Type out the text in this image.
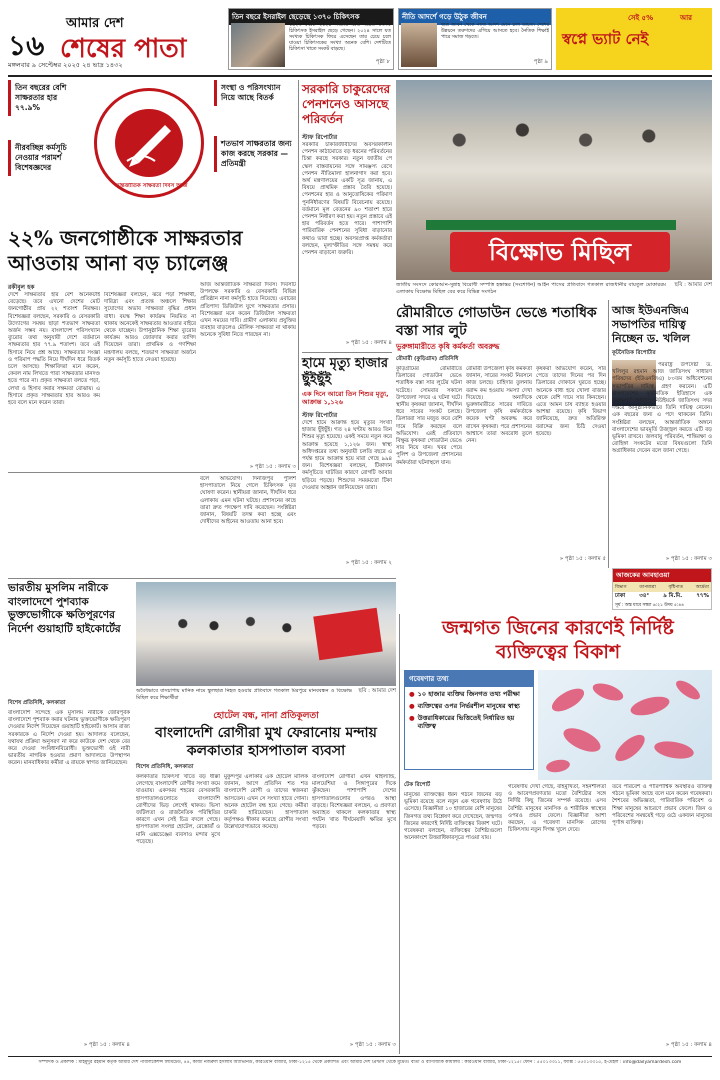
১৬
আমার দেশ
শেষের পাতা
মঙ্গলবার ৯ সেপ্টেম্বর ২০২৫ ২৪ ভাদ্র ১৪৩২
তিন বছরে ইসরাইল ছেড়েছে ১৩৭০ চিকিৎসক
১৪২৩ থেকে ২০২৫ সালের মধ্যে অন্তত ১৩৭০ চিকিৎসক ইসরাইল ছেড়ে গেছেন। ২০২৪ সালে যত সংখ্যক চিকিৎসক ফিরে এসেছেন তার চেয়ে চলে যাওয়া চিকিৎসকের সংখ্যা অনেক বেশি। দেশটিতে চিকিৎসা খাতে সংকট বাড়ছে।
পৃষ্ঠা ৮
নীতি আদর্শে গড়ে উঠুক জীবন
ছাত্র জীবন থেকে নীতি আদর্শ মেনে চলা উচিত। দেশের উন্নয়নে তরুণদের এগিয়ে আসতে হবে। নৈতিক শিক্ষাই পারে সমাজ গড়তে।
পৃষ্ঠা ৯
সেই ৫%	আর
স্বপ্নে ভ্যাট নেই
তিন বছরের বেশি সাক্ষরতার হার ৭৭.৯%
নীরবচ্ছিন্ন কর্মসূচি নেওয়ার পরামর্শ বিশেষজ্ঞদের
আন্তর্জাতিক সাক্ষরতা দিবস আজ
সংস্থা ও পরিসংখ্যান নিয়ে আছে বিতর্ক
শতভাগ সাক্ষরতার জন্য কাজ করছে সরকার —প্রতিমন্ত্রী
২২% জনগোষ্ঠীকে সাক্ষরতার আওতায় আনা বড় চ্যালেঞ্জ
রকীবুল হক
দেশে সাক্ষরতার হার বেশ অনেকটাই বেড়েছে। তবে এখনো দেশের মোট জনগোষ্ঠীর প্রায় ২২ শতাংশ নিরক্ষর। বিশেষজ্ঞরা বলছেন, সরকারি ও বেসরকারি উদ্যোগের সমন্বয় ছাড়া শতভাগ সাক্ষরতা অর্জন সম্ভব নয়। বাংলাদেশ পরিসংখ্যান ব্যুরোর তথ্য অনুযায়ী দেশে বর্তমানে সাক্ষরতার হার ৭৭.৯ শতাংশ। তবে এই হিসাবে নিয়ে প্রশ্ন আছে। সাক্ষরতার সংজ্ঞা ও পরিমাপ পদ্ধতি নিয়ে দীর্ঘদিন ধরে বিতর্ক চলে আসছে। শিক্ষাবিদরা মনে করেন, কেবল নাম লিখতে পারা সাক্ষরতার মানদণ্ড হতে পারে না। প্রকৃত সাক্ষরতা বলতে পড়া, লেখা ও হিসাব করার সক্ষমতা বোঝায়। এ হিসাবে প্রকৃত সাক্ষরতার হার আরও কম হবে বলে মনে করেন তারা।
বিশেষজ্ঞরা বলছেন, ঝরে পড়া শিক্ষার্থী, দারিদ্র্য এবং প্রত্যন্ত অঞ্চলে শিক্ষার সুযোগের অভাব সাক্ষরতা বৃদ্ধির প্রধান বাধা। বয়স্ক শিক্ষা কার্যক্রম নিয়মিত না থাকায় অনেকেই সাক্ষরতার আওতার বাইরে থেকে যাচ্ছেন। উপানুষ্ঠানিক শিক্ষা ব্যুরোর কার্যক্রম আরও জোরদার করার তাগিদ দিয়েছেন তারা। প্রাথমিক ও গণশিক্ষা মন্ত্রণালয় বলছে, শতভাগ সাক্ষরতা অর্জনে নতুন কর্মসূচি হাতে নেওয়া হয়েছে।
আজ আন্তর্জাতিক সাক্ষরতা দিবস। দিবসটি উপলক্ষে সরকারি ও বেসরকারি বিভিন্ন প্রতিষ্ঠান নানা কর্মসূচি হাতে নিয়েছে। এবারের প্রতিপাদ্য ডিজিটাল যুগে সাক্ষরতার প্রসার। বিশেষজ্ঞরা মনে করেন ডিজিটাল সাক্ষরতা এখন সময়ের দাবি। গ্রামীণ এলাকায় প্রযুক্তির ব্যবহার বাড়লেও মৌলিক সাক্ষরতা না থাকায় অনেকে সুবিধা নিতে পারছেন না।
» পৃষ্ঠা ১৫ : কলাম ৩
সরকারি চাকুরেদের পেনশনেও আসছে পরিবর্তন
স্টাফ রিপোর্টার
সরকারি চাকরিজীবীদের অবসরকালীন পেনশন কাঠামোতে বড় ধরনের পরিবর্তনের চিন্তা করছে সরকার। নতুন জাতীয় পে স্কেল বাস্তবায়নের সঙ্গে সামঞ্জস্য রেখে পেনশন নীতিমালা হালনাগাদ করা হবে। অর্থ মন্ত্রণালয়ের একটি সূত্র জানায়, এ বিষয়ে প্রাথমিক প্রস্তাব তৈরি হয়েছে। পেনশনের হার ও আনুতোষিকের পরিমাণ পুনর্নির্ধারণের বিষয়টি বিবেচনায় রয়েছে। বর্তমানে মূল বেতনের ৯০ শতাংশ হারে পেনশন নির্ধারণ করা হয়। নতুন প্রস্তাবে এই হার পরিবর্তন হতে পারে। পাশাপাশি পারিবারিক পেনশনের সুবিধা বাড়ানোর কথাও ভাবা হচ্ছে। অবসরপ্রাপ্ত কর্মকর্তারা বলছেন, মূল্যস্ফীতির সঙ্গে সমন্বয় করে পেনশন বাড়ানো জরুরি।
» পৃষ্ঠা ১৫ : কলাম ৪
বিক্ষোভ মিছিল
জাতীয় সংসদে কোরআন-সুন্নাহ বিরোধী সম্পত্তি হস্তান্তর (সংশোধন) আইন পাসের প্রতিবাদে গতকাল রাজধানীর বায়তুল মোকাররম এলাকায় বিক্ষোভ মিছিল বের করে বিভিন্ন সংগঠন
ছবি : আমার দেশ
হামে মৃত্যু হাজার ছুঁইছুঁই
এক দিনে আরো তিন শিশুর মৃত্যু, আক্রান্ত ১,১২৬
স্টাফ রিপোর্টার
দেশে হামে আক্রান্ত হয়ে মৃত্যুর সংখ্যা হাজার ছুঁইছুঁই। গত ২৪ ঘণ্টায় আরও তিন শিশুর মৃত্যু হয়েছে। একই সময়ে নতুন করে আক্রান্ত হয়েছে ১,১২৬ জন। স্বাস্থ্য অধিদপ্তরের তথ্য অনুযায়ী চলতি বছরে এ পর্যন্ত হামে আক্রান্ত হয়ে মারা গেছে ৯৯৪ জন। বিশেষজ্ঞরা বলছেন, টিকাদান কর্মসূচিতে ঘাটতির কারণে রোগটি আবার ছড়িয়ে পড়ছে। শিশুদের সময়মতো টিকা দেওয়ার আহ্বান জানিয়েছেন তারা।
» পৃষ্ঠা ১৫ : কলাম ২
রৌমারীতে গোডাউন ভেঙে শতাধিক বস্তা সার লুট
ভুরুঙ্গামারীতে কৃষি কর্মকর্তা অবরুদ্ধ
রৌমারী (কুড়িগ্রাম) প্রতিনিধি
কুড়িগ্রামের রৌমারীতে ডিলারের গোডাউন ভেঙে শতাধিক বস্তা সার লুটের ঘটনা ঘটেছে। সোমবার সকালে উপজেলা সদরে এ ঘটনা ঘটে। স্থানীয় কৃষকরা জানান, দীর্ঘদিন ধরে সারের সংকট চলছে। ডিলাররা সার মজুত করে বেশি দামে বিক্রি করছেন বলে অভিযোগ। এরই প্রতিবাদে বিক্ষুব্ধ কৃষকরা গোডাউন ভেঙে সার নিয়ে যান। খবর পেয়ে পুলিশ ও উপজেলা প্রশাসনের কর্মকর্তারা ঘটনাস্থলে যান।
রৌমারী উপজেলা কৃষি কর্মকর্তা জানান, সারের সংকট নিরসনে কাজ চলছে। চাহিদার তুলনায় বরাদ্দ কম হওয়ায় সমস্যা দেখা দিয়েছে। অন্যদিকে ভুরুঙ্গামারীতে সারের দাবিতে উপজেলা কৃষি কর্মকর্তাকে কয়েক ঘণ্টা অবরুদ্ধ করে রাখেন কৃষকরা। পরে প্রশাসনের আশ্বাসে তারা অবরোধ তুলে নেন।
কৃষকরা অভিযোগ করেন, সার পেতে তাদের দিনের পর দিন ডিলারের দোকানে ঘুরতে হচ্ছে। অনেকে বাধ্য হয়ে খোলা বাজার থেকে বেশি দামে সার কিনছেন। এতে আমন চাষ ব্যাহত হওয়ার আশঙ্কা রয়েছে। কৃষি বিভাগ জানিয়েছে, দ্রুত অতিরিক্ত বরাদ্দের জন্য চিঠি দেওয়া হয়েছে।
» পৃষ্ঠা ১৫ : কলাম ৫
আজ ইউএনজিএ সভাপতির দায়িত্ব নিচ্ছেন ড. খলিল
কূটনৈতিক রিপোর্টার
পররাষ্ট্র উপদেষ্টা ড. খলিলুর রহমান আজ জাতিসংঘ সাধারণ পরিষদের (ইউএনজিএ) ৮০তম অধিবেশনের সভাপতির দায়িত্ব গ্রহণ করবেন। এটি বাংলাদেশের কূটনৈতিক ইতিহাসে এক গুরুত্বপূর্ণ অধ্যায়। নিউইয়র্কে জাতিসংঘ সদর দপ্তরে আনুষ্ঠানিকভাবে তিনি দায়িত্ব নেবেন। এক বছরের জন্য এ পদে থাকবেন তিনি। সংশ্লিষ্টরা বলছেন, আন্তর্জাতিক অঙ্গনে বাংলাদেশের ভাবমূর্তি উজ্জ্বল করতে এটি বড় ভূমিকা রাখবে। জলবায়ু পরিবর্তন, শান্তিরক্ষা ও রোহিঙ্গা সংকটের মতো বিষয়গুলো তিনি অগ্রাধিকার দেবেন বলে জানা গেছে।
» পৃষ্ঠা ১৫ : কলাম ৩
আজকের আবহাওয়া
বিভাগ	তাপমাত্রা	বৃষ্টিপাত	আর্দ্রতা
ঢাকা	৩৪°	৯ মি.মি.	৭৭%
সূর্য : অস্ত যাবে সন্ধ্যা ৬:২১ উদয় ৫:৪৪
বলে অভিযোগ। দিনাজপুর পুলিশ হাসপাতালে নিয়ে গেলে চিকিৎসক মৃত ঘোষণা করেন। স্থানীয়রা জানান, দীর্ঘদিন ধরে এলাকায় এমন ঘটনা ঘটছে। প্রশাসনের কাছে তারা দ্রুত পদক্ষেপ দাবি করেছেন। সংশ্লিষ্টরা জানান, বিষয়টি তদন্ত করা হচ্ছে এবং দোষীদের আইনের আওতায় আনা হবে।
ভারতীয় মুসলিম নারীকে বাংলাদেশে পুশব্যাক ভুক্তভোগীকে ক্ষতিপূরণের নির্দেশ গুয়াহাটি হাইকোর্টের
বিশেষ প্রতিনিধি, কলকাতা
বাংলাদেশি সন্দেহে এক মুসলিম নারীকে জোরপূর্বক বাংলাদেশে পুশব্যাক করার ঘটনায় ভুক্তভোগীকে ক্ষতিপূরণ দেওয়ার নির্দেশ দিয়েছেন গুয়াহাটি হাইকোর্ট। আসাম রাজ্য সরকারকে এ নির্দেশ দেওয়া হয়। আদালত বলেছেন, যথাযথ প্রক্রিয়া অনুসরণ না করে কাউকে দেশ থেকে বের করে দেওয়া সংবিধানবিরোধী। ভুক্তভোগী ওই নারী ভারতীয় নাগরিক হওয়ার প্রমাণ আদালতে উপস্থাপন করেন। মানবাধিকার কর্মীরা এ রায়কে স্বাগত জানিয়েছেন।
» পৃষ্ঠা ১৫ : কলাম ৪
অবৈধভাবে বাসচাপায় মানিক নামে স্কুলছাত্র নিহত হওয়ার প্রতিবাদে গতকাল মিরপুরে মানববন্ধন ও বিক্ষোভ মিছিল করে শিক্ষার্থীরা
ছবি : আমার দেশ
হোটেল বন্ধ, নানা প্রতিকূলতা
বাংলাদেশি রোগীরা মুখ ফেরানোয় মন্দায় কলকাতার হাসপাতাল ব্যবসা
বিশেষ প্রতিনিধি, কলকাতা
কলকাতার চিকিৎসা খাতে বড় ধাক্কা লেগেছে বাংলাদেশি রোগীর সংখ্যা কমে যাওয়ায়। একসময় শহরের বেসরকারি হাসপাতালগুলোতে বাংলাদেশি রোগীদের ভিড় লেগেই থাকত। ভিসা জটিলতা ও রাজনৈতিক পরিস্থিতির কারণে এখন সেই চিত্র বদলে গেছে। হাসপাতাল সংলগ্ন হোটেল, রেস্তোরাঁ ও মানি এক্সচেঞ্জের ব্যবসাও মন্দার মুখে পড়েছে।
মুকুন্দপুর এলাকার এক হোটেল মালিক জানান, আগে প্রতিদিন শত শত বাংলাদেশি রোগী ও তাদের স্বজনরা আসতেন। এখন সে সংখ্যা হাতে গোনা। অনেক হোটেল বন্ধ হয়ে গেছে। কর্মীরা চাকরি হারিয়েছেন। হাসপাতাল কর্তৃপক্ষও স্বীকার করেছে রোগীর সংখ্যা উল্লেখযোগ্যভাবে কমেছে।
বাংলাদেশি রোগীরা এখন থাইল্যান্ড, মালয়েশিয়া ও সিঙ্গাপুরের দিকে ঝুঁকছেন। পাশাপাশি দেশের হাসপাতালগুলোর ওপরও আস্থা বাড়ছে। বিশেষজ্ঞরা বলছেন, এ প্রবণতা অব্যাহত থাকলে কলকাতার স্বাস্থ্য পর্যটন খাত দীর্ঘমেয়াদি ক্ষতির মুখে পড়বে।
» পৃষ্ঠা ১৫ : কলাম ৩
জন্মগত জিনের কারণেই নির্দিষ্ট ব্যক্তিত্বের বিকাশ
গবেষণার তথ্য
● ১০ হাজার ব্যক্তির জিনগত তথ্য পরীক্ষা
● ব্যক্তিত্বের ওপর নির্ভরশীল মানুষের স্বাস্থ্য
● উত্তরাধিকারের ভিত্তিতেই নির্ধারিত হয় ব্যক্তিত্ব
টেক রিপোর্ট
মানুষের ব্যক্তিত্বের ধরন গঠনে জিনের বড় ভূমিকা রয়েছে বলে নতুন এক গবেষণায় উঠে এসেছে। বিজ্ঞানীরা ১০ হাজারের বেশি মানুষের জিনগত তথ্য বিশ্লেষণ করে দেখেছেন, জন্মগত জিনের কারণেই নির্দিষ্ট ব্যক্তিত্বের বিকাশ ঘটে। গবেষকরা বলছেন, ব্যক্তিত্বের বৈশিষ্ট্যগুলো অনেকাংশে উত্তরাধিকারসূত্রে পাওয়া যায়।
গবেষণায় দেখা গেছে, বহির্মুখিতা, সহনশীলতা ও আবেগপ্রবণতার মতো বৈশিষ্ট্যের সঙ্গে নির্দিষ্ট কিছু জিনের সম্পর্ক রয়েছে। এসব বৈশিষ্ট্য মানুষের মানসিক ও শারীরিক স্বাস্থ্যের ওপরও প্রভাব ফেলে। বিজ্ঞানীরা আশা করছেন, এ গবেষণা মানসিক রোগের চিকিৎসায় নতুন দিগন্ত খুলে দেবে।
তবে পরিবেশ ও পারিপার্শ্বিক অবস্থারও ব্যক্তিত্ব গঠনে ভূমিকা আছে বলে মনে করেন গবেষকরা। শৈশবের অভিজ্ঞতা, পারিবারিক পরিবেশ ও শিক্ষা মানুষের আচরণে প্রভাব ফেলে। জিন ও পরিবেশের সমন্বয়েই গড়ে ওঠে একজন মানুষের পূর্ণাঙ্গ ব্যক্তিত্ব।
» পৃষ্ঠা ১৫ : কলাম ৪
সম্পাদক ও প্রকাশক : মাহমুদুর রহমান কর্তৃক আমার দেশ পাবলিকেশন্স লিমিটেড, ৪৪, কাজী নজরুল ইসলাম অ্যাভিনিউ, কারওয়ান বাজার, ঢাকা-১২১৫ থেকে প্রকাশিত এবং আমার দেশ প্রিন্টার্স থেকে মুদ্রিত। বার্তা ও বাণিজ্যিক কার্যালয় : কারওয়ান বাজার, ঢাকা-১২১৫। ফোন : ৫৫০১৩৩১১, ফ্যাক্স : ৫৫০১৩৩১৫, ই-মেইল : info@dailyamardesh.com
